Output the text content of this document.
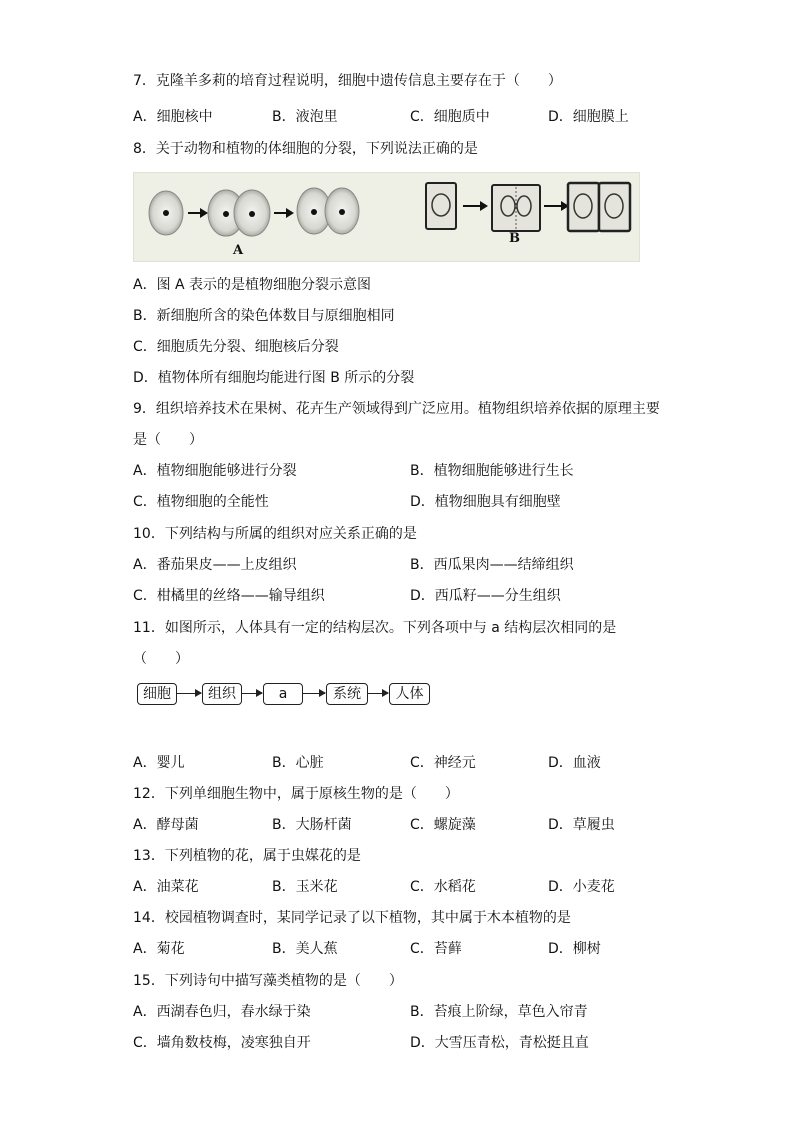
7．克隆羊多莉的培育过程说明，细胞中遗传信息主要存在于（　　）
A．细胞核中	B．液泡里	C．细胞质中	D．细胞膜上
8．关于动物和植物的体细胞的分裂，下列说法正确的是
A
B
A．图 A 表示的是植物细胞分裂示意图
B．新细胞所含的染色体数目与原细胞相同
C．细胞质先分裂、细胞核后分裂
D．植物体所有细胞均能进行图 B 所示的分裂
9．组织培养技术在果树、花卉生产领域得到广泛应用。植物组织培养依据的原理主要
是（　　）
A．植物细胞能够进行分裂	B．植物细胞能够进行生长
C．植物细胞的全能性	D．植物细胞具有细胞壁
10．下列结构与所属的组织对应关系正确的是
A．番茄果皮——上皮组织	B．西瓜果肉——结缔组织
C．柑橘里的丝络——输导组织	D．西瓜籽——分生组织
11．如图所示，人体具有一定的结构层次。下列各项中与 a 结构层次相同的是
（　　）
细胞	组织	a	系统	人体
A．婴儿	B．心脏	C．神经元	D．血液
12．下列单细胞生物中，属于原核生物的是（　　）
A．酵母菌	B．大肠杆菌	C．螺旋藻	D．草履虫
13．下列植物的花，属于虫媒花的是
A．油菜花	B．玉米花	C．水稻花	D．小麦花
14．校园植物调查时，某同学记录了以下植物，其中属于木本植物的是
A．菊花	B．美人蕉	C．苔藓	D．柳树
15．下列诗句中描写藻类植物的是（　　）
A．西湖春色归，春水绿于染	B．苔痕上阶绿，草色入帘青
C．墙角数枝梅，凌寒独自开	D．大雪压青松，青松挺且直
